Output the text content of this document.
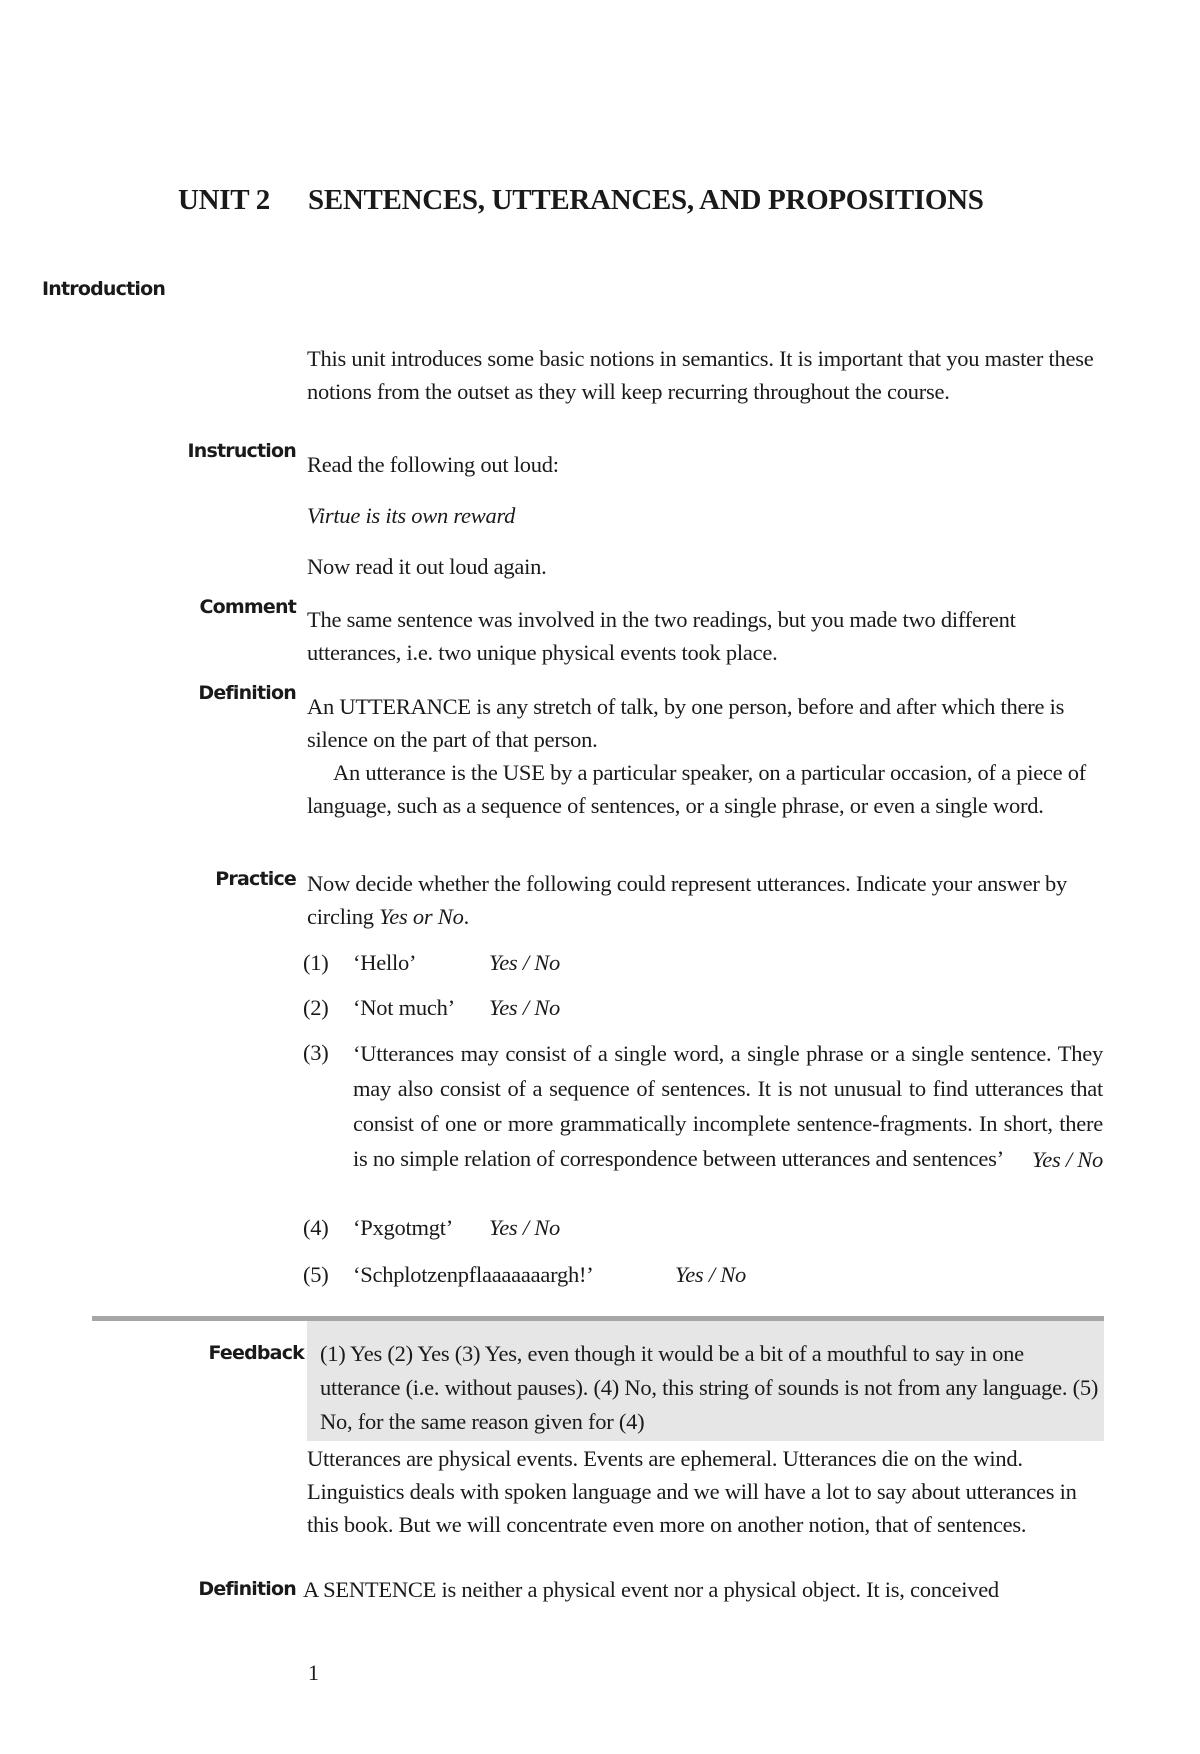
UNIT 2 SENTENCES, UTTERANCES, AND PROPOSITIONS
Introduction

This unit introduces some basic notions in semantics. It is important that you master these notions from the outset as they will keep recurring throughout the course.

Instruction
Read the following out loud:
Virtue is its own reward
Now read it out loud again.
Comment The same sentence was involved in the two readings, but you made two different utterances, i.e. two unique physical events took place.
Definition

An UTTERANCE is any stretch of talk, by one person, before and after which there is silence on the part of that person.

An utterance is the USE by a particular speaker, on a particular occasion, of a piece of language, such as a sequence of sentences, or a single phrase, or even a single word.

Practice Now decide whether the following could represent utterances. Indicate your answer by circling Yes or No.
(1) ‘Hello’	Yes / No
(2) ‘Not much’ Yes / No
(3)	‘Utterances may consist of a single word, a single phrase or a single sentence. They may also consist of a sequence of sentences. It is not unusual to find utterances that consist of one or more grammatically incomplete sentence-fragments. In short, there is no simple relation of correspondence between utterances and sentences’ Yes / No
(4) ‘Pxgotmgt’ Yes / No
(5) ‘Schplotzenpflaaaaaaargh!’	Yes / No
Feedback (1) Yes (2) Yes (3) Yes, even though it would be a bit of a mouthful to say in one utterance (i.e. without pauses). (4) No, this string of sounds is not from any language. (5) No, for the same reason given for (4)
Utterances are physical events. Events are ephemeral. Utterances die on the wind. Linguistics deals with spoken language and we will have a lot to say about utterances in this book. But we will concentrate even more on another notion, that of sentences.
Definition A SENTENCE is neither a physical event nor a physical object. It is, conceived
1
